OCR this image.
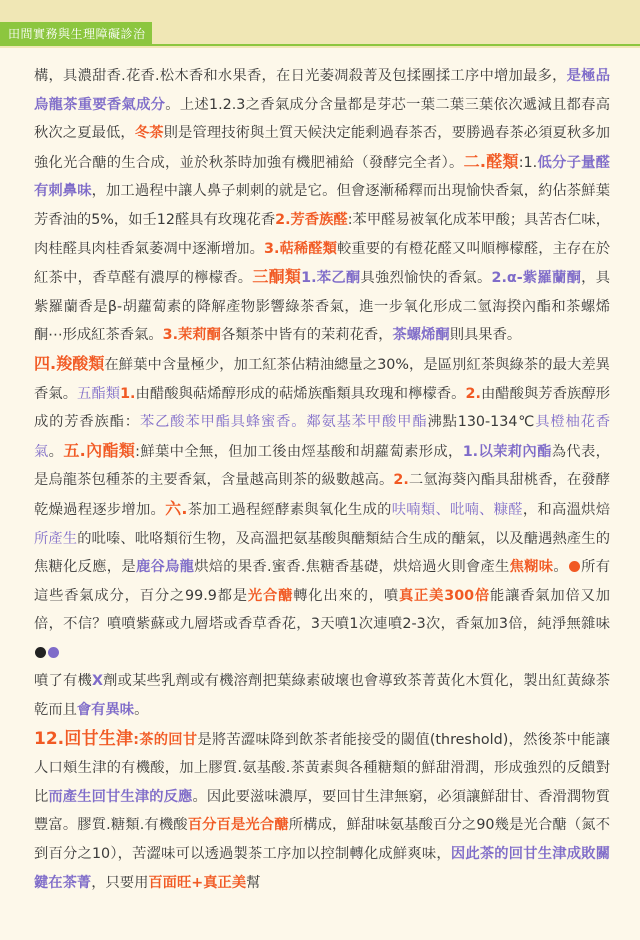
田間實務與生理障礙診治

構，具濃甜香.花香.松木香和水果香，在日光萎凋殺菁及包揉團揉工序中增加最多，是極品烏龍茶重要香氣成分。上述1.2.3之香氣成分含量都是芽芯一葉二葉三葉依次遞減且都春高秋次之夏最低，冬茶則是管理技術與土質天候決定能剩過春茶否，要勝過春茶必須夏秋多加強化光合醣的生合成，並於秋茶時加強有機肥補給（發酵完全者）。二.醛類:1.低分子量醛有刺鼻味，加工過程中讓人鼻子刺刺的就是它。但會逐漸稀釋而出現愉快香氣，約佔茶鮮葉芳香油的5%，如壬12醛具有玫瑰花香2.芳香族醛:苯甲醛易被氧化成苯甲酸；具苦杏仁味，肉桂醛具肉桂香氣萎凋中逐漸增加。3.萜稀醛類較重要的有橙花醛又叫順檸檬醛，主存在於紅茶中，香草醛有濃厚的檸檬香。三酮類1.苯乙酮具強烈愉快的香氣。2.α-紫羅蘭酮，具紫羅蘭香是β-胡蘿蔔素的降解產物影響綠茶香氣，進一步氧化形成二氫海揆內酯和茶螺烯酮⋯形成紅茶香氣。3.茉莉酮各類茶中皆有的茉莉花香，茶螺烯酮則具果香。

四.羧酸類在鮮葉中含量極少，加工紅茶佔精油總量之30%，是區別紅茶與綠茶的最大差異香氣。五酯類1.由醋酸與萜烯醇形成的萜烯族酯類具玫瑰和檸檬香。2.由醋酸與芳香族醇形成的芳香族酯：苯乙酸苯甲酯具蜂蜜香。鄰氨基苯甲酸甲酯沸點130-134℃具橙柚花香氣。五.內酯類:鮮葉中全無，但加工後由烴基酸和胡蘿蔔素形成，1.以茉莉內酯為代表，是烏龍茶包種茶的主要香氣，含量越高則茶的級數越高。2.二氫海葵內酯具甜桃香，在發酵乾燥過程逐步增加。六.茶加工過程經酵素與氧化生成的呋喃類、吡喃、糠醛，和高溫烘焙所產生的吡嗪、吡咯類衍生物，及高溫把氨基酸與醣類結合生成的醣氣，以及醣遇熱產生的焦糖化反應，是鹿谷烏龍烘焙的果香.蜜香.焦糖香基礎，烘焙過火則會產生焦糊味。 所有這些香氣成分，百分之99.9都是光合醣轉化出來的，噴真正美300倍能讓香氣加倍又加倍，不信？噴噴紫蘇或九層塔或香草香花，3天噴1次連噴2-3次，香氣加3倍，純淨無雜味
噴了有機X劑或某些乳劑或有機溶劑把葉綠素破壞也會導致茶菁黃化木質化，製出紅黃綠茶乾而且會有異味。

12.回甘生津:茶的回甘是將苦澀味降到飲茶者能接受的閾值(threshold)，然後茶中能讓人口頰生津的有機酸，加上膠質.氨基酸.茶黃素與各種糖類的鮮甜滑潤，形成強烈的反饋對比而產生回甘生津的反應。因此要滋味濃厚，要回甘生津無窮，必須讓鮮甜甘、香滑潤物質豐富。膠質.糖類.有機酸百分百是光合醣所構成，鮮甜味氨基酸百分之90幾是光合醣（氮不到百分之10），苦澀味可以透過製茶工序加以控制轉化成鮮爽味，因此茶的回甘生津成敗關鍵在茶菁，只要用百面旺+真正美幫
